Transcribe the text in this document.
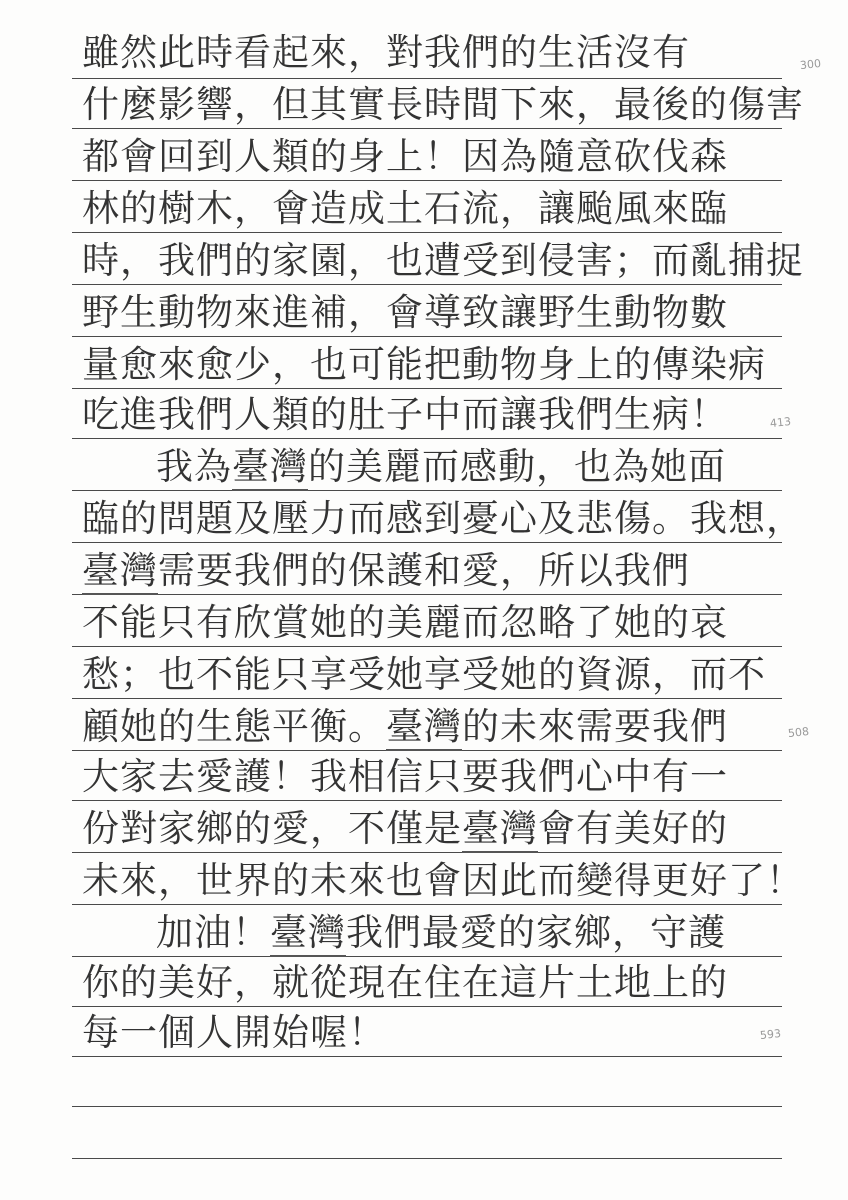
雖然此時看起來，對我們的生活沒有
什麼影響，但其實長時間下來，最後的傷害
都會回到人類的身上！因為隨意砍伐森
林的樹木，會造成土石流，讓颱風來臨
時，我們的家園，也遭受到侵害；而亂捕捉
野生動物來進補，會導致讓野生動物數
量愈來愈少，也可能把動物身上的傳染病
吃進我們人類的肚子中而讓我們生病！
我為臺灣的美麗而感動，也為她面
臨的問題及壓力而感到憂心及悲傷。我想，
臺灣需要我們的保護和愛，所以我們
不能只有欣賞她的美麗而忽略了她的哀
愁；也不能只享受她享受她的資源，而不
顧她的生態平衡。臺灣的未來需要我們
大家去愛護！我相信只要我們心中有一
份對家鄉的愛，不僅是臺灣會有美好的
未來，世界的未來也會因此而變得更好了！
加油！臺灣我們最愛的家鄉，守護
你的美好，就從現在住在這片土地上的
每一個人開始喔！
300
413
508
593
